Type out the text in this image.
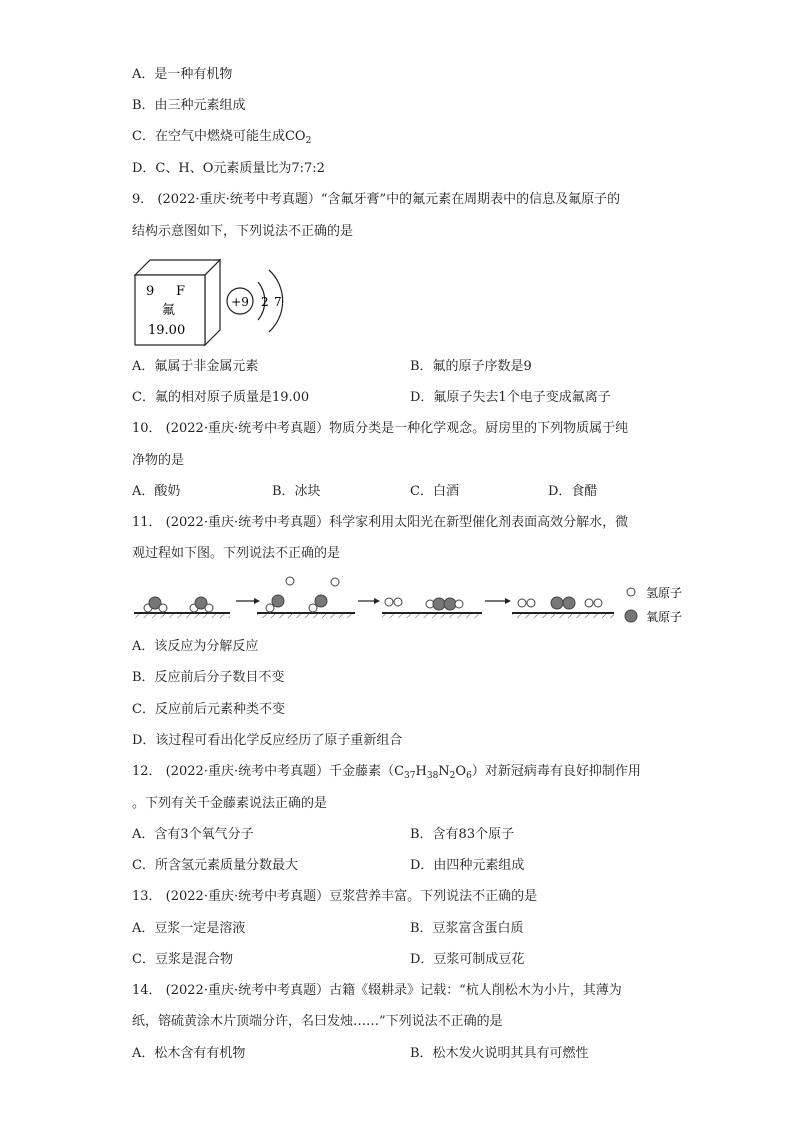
A．是一种有机物
B．由三种元素组成
C．在空气中燃烧可能生成$CO_2$
D．C、H、O元素质量比为7:7:2
9． (2022·重庆·统考中考真题）“含氟牙膏”中的氟元素在周期表中的信息及氟原子的
结构示意图如下，下列说法不正确的是
9 F
氟
19.00
+9 2 7
A．氟属于非金属元素	B．氟的原子序数是9
C．氟的相对原子质量是19.00	D．氟原子失去1个电子变成氟离子
10． (2022·重庆·统考中考真题）物质分类是一种化学观念。厨房里的下列物质属于纯
净物的是
A．酸奶	B．冰块	C．白酒	D．食醋
11． (2022·重庆·统考中考真题）科学家利用太阳光在新型催化剂表面高效分解水，微
观过程如下图。下列说法不正确的是
氢原子
氧原子
A．该反应为分解反应
B．反应前后分子数目不变
C．反应前后元素种类不变
D．该过程可看出化学反应经历了原子重新组合
12． (2022·重庆·统考中考真题）千金藤素$(C_{37}H_{38}N_2O_6)$对新冠病毒有良好抑制作用
。下列有关千金藤素说法正确的是
A．含有3个氧气分子	B．含有83个原子
C．所含氢元素质量分数最大	D．由四种元素组成
13． (2022·重庆·统考中考真题）豆浆营养丰富。下列说法不正确的是
A．豆浆一定是溶液	B．豆浆富含蛋白质
C．豆浆是混合物	D．豆浆可制成豆花
14． (2022·重庆·统考中考真题）古籍《辍耕录》记载：“杭人削松木为小片，其薄为
纸，镕硫黄涂木片顶端分许，名曰发烛……”下列说法不正确的是
A．松木含有有机物	B．松木发火说明其具有可燃性
